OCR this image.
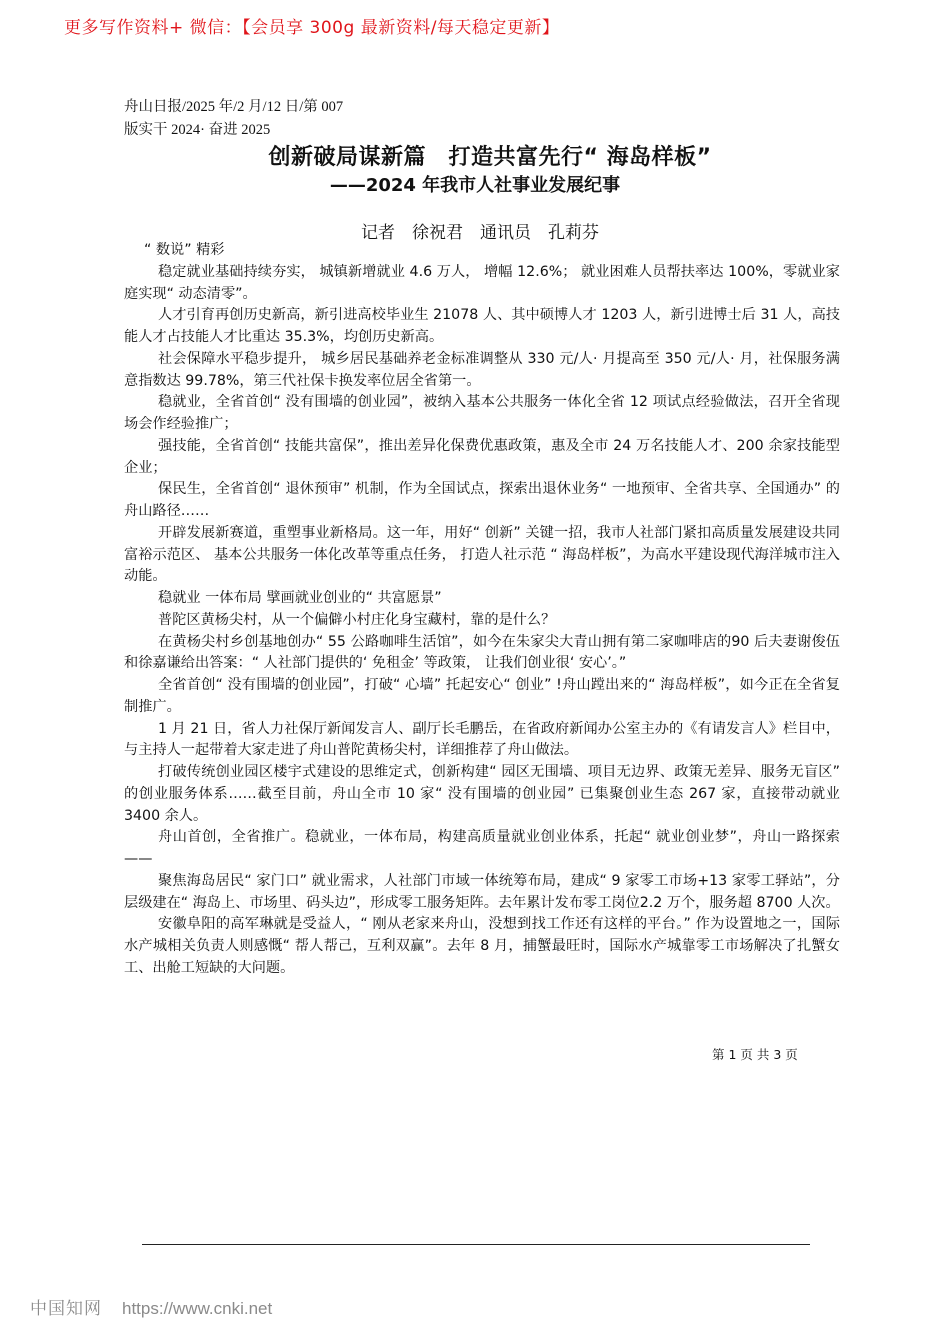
更多写作资料+ 微信：【会员享 300g 最新资料/每天稳定更新】
舟山日报/2025 年/2 月/12 日/第 007
版实干 2024· 奋进 2025
创新破局谋新篇　打造共富先行“ 海岛样板”
——2024 年我市人社事业发展纪事
记者　徐祝君　通讯员　孔莉芬

“ 数说” 精彩

稳定就业基础持续夯实， 城镇新增就业 4.6 万人， 增幅 12.6%； 就业困难人员帮扶率达 100%，零就业家庭实现“ 动态清零”。

人才引育再创历史新高，新引进高校毕业生 21078 人、其中硕博人才 1203 人，新引进博士后 31 人，高技能人才占技能人才比重达 35.3%，均创历史新高。

社会保障水平稳步提升， 城乡居民基础养老金标准调整从 330 元/人· 月提高至 350 元/人· 月，社保服务满意指数达 99.78%，第三代社保卡换发率位居全省第一。

稳就业，全省首创“ 没有围墙的创业园”，被纳入基本公共服务一体化全省 12 项试点经验做法，召开全省现场会作经验推广；

强技能，全省首创“ 技能共富保”，推出差异化保费优惠政策，惠及全市 24 万名技能人才、200 余家技能型企业；

保民生，全省首创“ 退休预审” 机制，作为全国试点，探索出退休业务“ 一地预审、全省共享、全国通办” 的舟山路径……

开辟发展新赛道，重塑事业新格局。这一年，用好“ 创新” 关键一招，我市人社部门紧扣高质量发展建设共同富裕示范区、 基本公共服务一体化改革等重点任务， 打造人社示范 “ 海岛样板”，为高水平建设现代海洋城市注入动能。

稳就业 一体布局 擘画就业创业的“ 共富愿景”

普陀区黄杨尖村，从一个偏僻小村庄化身宝藏村，靠的是什么？

在黄杨尖村乡创基地创办“ 55 公路咖啡生活馆”，如今在朱家尖大青山拥有第二家咖啡店的90 后夫妻谢俊伍和徐嘉谦给出答案：“ 人社部门提供的‘ 免租金’ 等政策， 让我们创业很‘ 安心’。”

全省首创“ 没有围墙的创业园”，打破“ 心墙” 托起安心“ 创业” !舟山蹚出来的“ 海岛样板”，如今正在全省复制推广。

1 月 21 日，省人力社保厅新闻发言人、副厅长毛鹏岳，在省政府新闻办公室主办的《有请发言人》栏目中，与主持人一起带着大家走进了舟山普陀黄杨尖村，详细推荐了舟山做法。

打破传统创业园区楼宇式建设的思维定式，创新构建“ 园区无围墙、项目无边界、政策无差异、服务无盲区” 的创业服务体系……截至目前，舟山全市 10 家“ 没有围墙的创业园” 已集聚创业生态 267 家，直接带动就业 3400 余人。

舟山首创，全省推广。稳就业，一体布局，构建高质量就业创业体系，托起“ 就业创业梦”，舟山一路探索——

聚焦海岛居民“ 家门口” 就业需求，人社部门市域一体统筹布局，建成“ 9 家零工市场+13 家零工驿站”，分层级建在“ 海岛上、市场里、码头边”，形成零工服务矩阵。去年累计发布零工岗位2.2 万个，服务超 8700 人次。

安徽阜阳的高军琳就是受益人，“ 刚从老家来舟山，没想到找工作还有这样的平台。” 作为设置地之一，国际水产城相关负责人则感慨“ 帮人帮己，互利双赢”。去年 8 月，捕蟹最旺时，国际水产城靠零工市场解决了扎蟹女工、出舱工短缺的大问题。

第 1 页 共 3 页
中国知网 https://www.cnki.net
